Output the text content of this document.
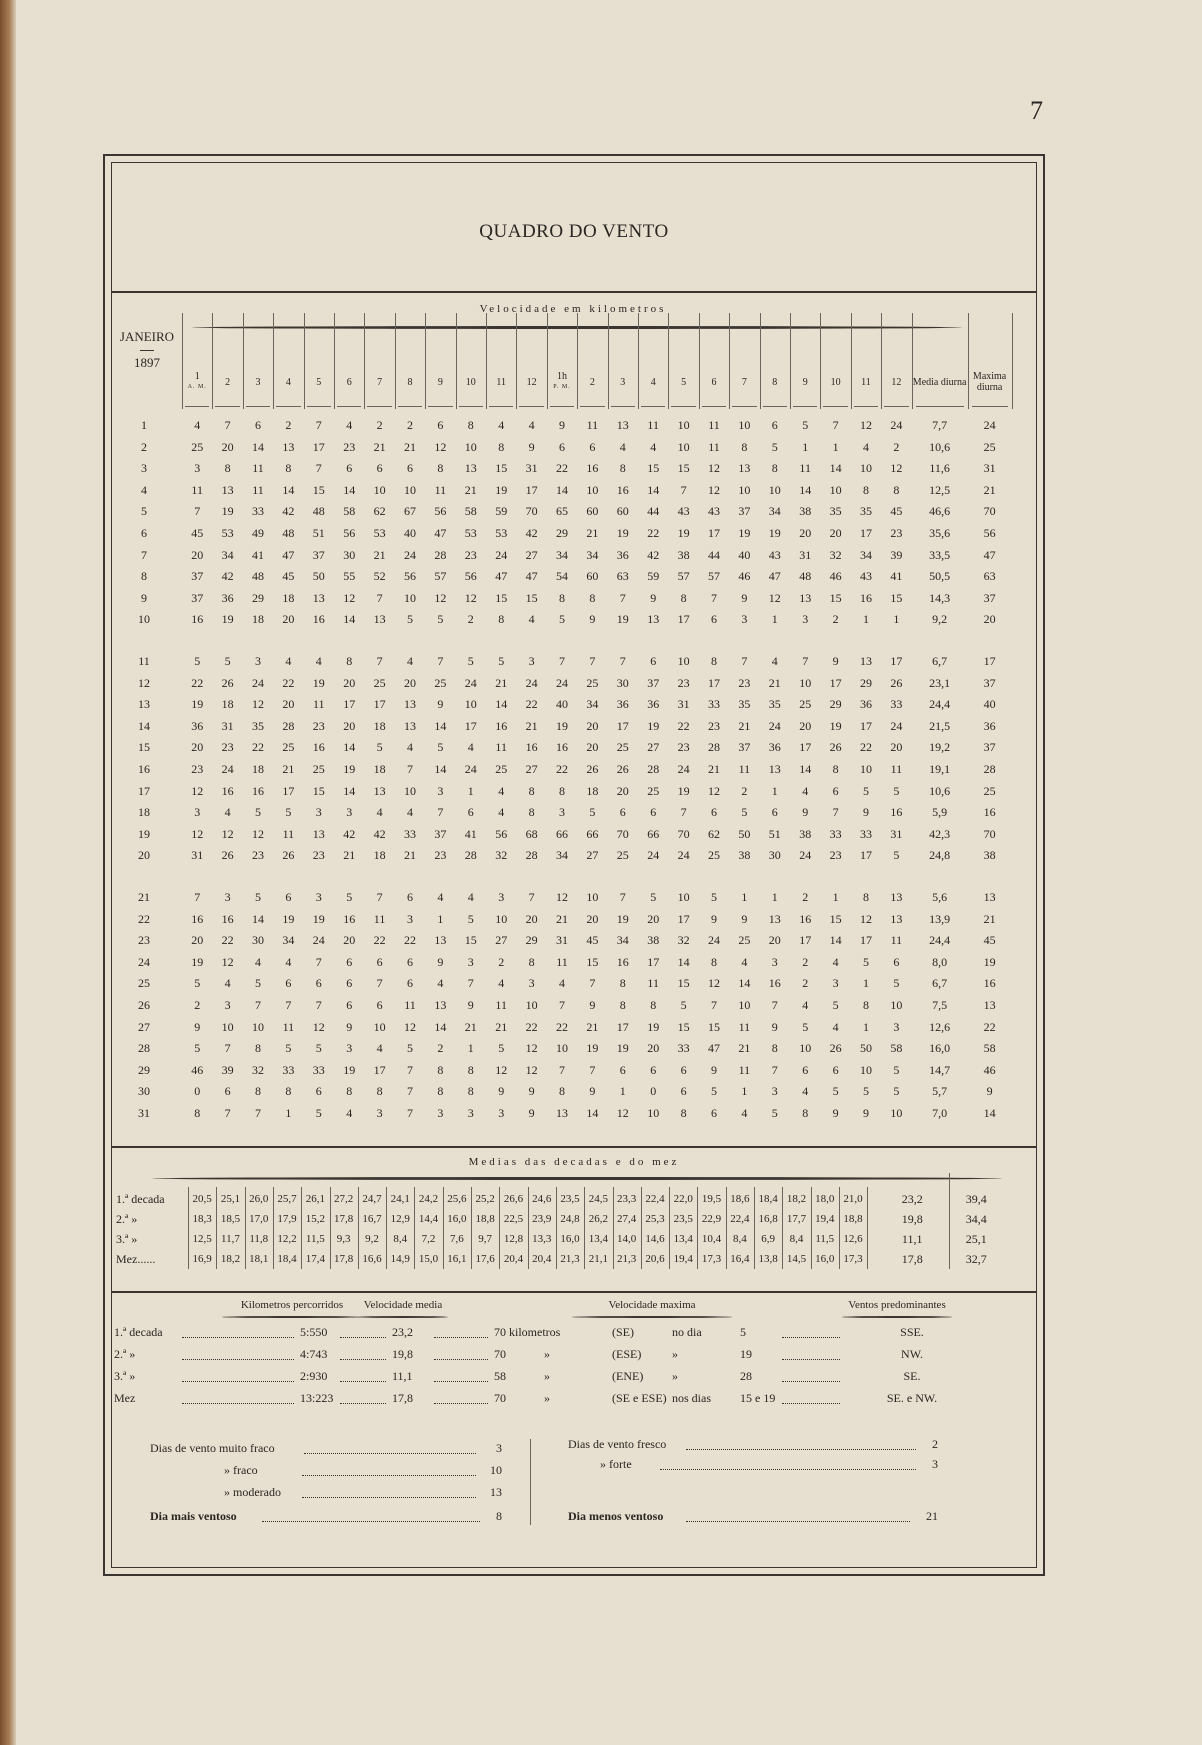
7
QUADRO DO VENTO
JANEIRO
1897
Velocidade em kilometros
1
A. M. 2	3	4	5	6	7	8	9 10 11 12 1h
P. M. 2	3	4	5	6	7	8	9 10 11 12 Media diurna Maxima diurna
1	4	7	6	2	7	4	2	2	6	8	4	4	9	11	13	11	10	11	10	6	5	7	12	24	7,7	24
2	25	20	14	13	17	23	21	21	12	10	8	9	6	6	4	4	10	11	8	5	1	1	4	2	10,6	25
3	3	8	11	8	7	6	6	6	8	13	15	31	22	16	8	15	15	12	13	8	11	14	10	12	11,6	31
4	11	13	11	14	15	14	10	10	11	21	19	17	14	10	16	14	7	12	10	10	14	10	8	8	12,5	21
5	7	19	33	42	48	58	62	67	56	58	59	70	65	60	60	44	43	43	37	34	38	35	35	45	46,6	70
6	45	53	49	48	51	56	53	40	47	53	53	42	29	21	19	22	19	17	19	19	20	20	17	23	35,6	56
7	20	34	41	47	37	30	21	24	28	23	24	27	34	34	36	42	38	44	40	43	31	32	34	39	33,5	47
8	37	42	48	45	50	55	52	56	57	56	47	47	54	60	63	59	57	57	46	47	48	46	43	41	50,5	63
9	37	36	29	18	13	12	7	10	12	12	15	15	8	8	7	9	8	7	9	12	13	15	16	15	14,3	37
10	16	19	18	20	16	14	13	5	5	2	8	4	5	9	19	13	17	6	3	1	3	2	1	1	9,2	20
11	5	5	3	4	4	8	7	4	7	5	5	3	7	7	7	6	10	8	7	4	7	9	13	17	6,7	17
12	22	26	24	22	19	20	25	20	25	24	21	24	24	25	30	37	23	17	23	21	10	17	29	26	23,1	37
13	19	18	12	20	11	17	17	13	9	10	14	22	40	34	36	36	31	33	35	35	25	29	36	33	24,4	40
14	36	31	35	28	23	20	18	13	14	17	16	21	19	20	17	19	22	23	21	24	20	19	17	24	21,5	36
15	20	23	22	25	16	14	5	4	5	4	11	16	16	20	25	27	23	28	37	36	17	26	22	20	19,2	37
16	23	24	18	21	25	19	18	7	14	24	25	27	22	26	26	28	24	21	11	13	14	8	10	11	19,1	28
17	12	16	16	17	15	14	13	10	3	1	4	8	8	18	20	25	19	12	2	1	4	6	5	5	10,6	25
18	3	4	5	5	3	3	4	4	7	6	4	8	3	5	6	6	7	6	5	6	9	7	9	16	5,9	16
19	12	12	12	11	13	42	42	33	37	41	56	68	66	66	70	66	70	62	50	51	38	33	33	31	42,3	70
20	31	26	23	26	23	21	18	21	23	28	32	28	34	27	25	24	24	25	38	30	24	23	17	5	24,8	38
21	7	3	5	6	3	5	7	6	4	4	3	7	12	10	7	5	10	5	1	1	2	1	8	13	5,6	13
22	16	16	14	19	19	16	11	3	1	5	10	20	21	20	19	20	17	9	9	13	16	15	12	13	13,9	21
23	20	22	30	34	24	20	22	22	13	15	27	29	31	45	34	38	32	24	25	20	17	14	17	11	24,4	45
24	19	12	4	4	7	6	6	6	9	3	2	8	11	15	16	17	14	8	4	3	2	4	5	6	8,0	19
25	5	4	5	6	6	6	7	6	4	7	4	3	4	7	8	11	15	12	14	16	2	3	1	5	6,7	16
26	2	3	7	7	7	6	6	11	13	9	11	10	7	9	8	8	5	7	10	7	4	5	8	10	7,5	13
27	9	10	10	11	12	9	10	12	14	21	21	22	22	21	17	19	15	15	11	9	5	4	1	3	12,6	22
28	5	7	8	5	5	3	4	5	2	1	5	12	10	19	19	20	33	47	21	8	10	26	50	58	16,0	58
29	46	39	32	33	33	19	17	7	8	8	12	12	7	7	6	6	6	9	11	7	6	6	10	5	14,7	46
30	0	6	8	8	6	8	8	7	8	8	9	9	8	9	1	0	6	5	1	3	4	5	5	5	5,7	9
31	8	7	7	1	5	4	3	7	3	3	3	9	13	14	12	10	8	6	4	5	8	9	9	10	7,0	14
Medias das decadas e do mez
1.ª decada	20,5 25,1 26,0 25,7 26,1 27,2 24,7 24,1 24,2 25,6 25,2 26,6 24,6 23,5 24,5 23,3 22,4 22,0 19,5 18,6 18,4 18,2 18,0 21,0	23,2	39,4
2.ª »	18,3 18,5 17,0 17,9 15,2 17,8 16,7 12,9 14,4 16,0 18,8 22,5 23,9 24,8 26,2 27,4 25,3 23,5 22,9 22,4 16,8 17,7 19,4 18,8	19,8	34,4
3.ª »	12,5 11,7 11,8 12,2 11,5	9,3	9,2	8,4	7,2	7,6	9,7	12,8 13,3 16,0 13,4 14,0 14,6 13,4 10,4	8,4	6,9	8,4	11,5 12,6	11,1	25,1
Mez......	16,9 18,2 18,1 18,4 17,4 17,8 16,6 14,9 15,0 16,1 17,6 20,4 20,4 21,3 21,1 21,3 20,6 19,4 17,3 16,4 13,8 14,5 16,0 17,3	17,8	32,7
Kilometros percorridos	Velocidade media	Velocidade maxima	Ventos predominantes
1.ª decada	5:550	23,2	70 kilometros	(SE)	no dia	5	SSE.
2.ª »	4:743	19,8	70	»	(ESE)	»	19	NW.
3.ª »	2:930	11,1	58	»	(ENE) »	28	SE.
Mez	13:223	17,8	70	»	(SE e ESE) nos dias 15 e 19	SE. e NW.
Dias de vento muito fraco	3
» fraco	10
» moderado	13
Dias de vento fresco	2
» forte	3
Dia mais ventoso	8	Dia menos ventoso	21
